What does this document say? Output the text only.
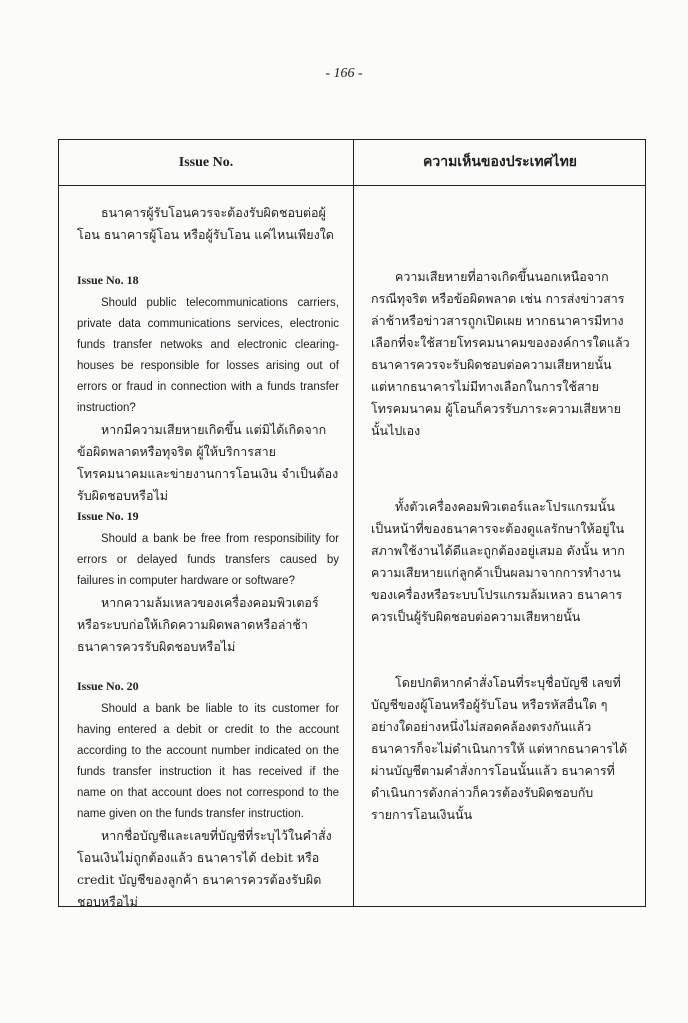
- 166 -
Issue No.	ความเห็นของประเทศไทย
ธนาคารผู้รับโอนควรจะต้องรับผิดชอบต่อผู้โอน ธนาคารผู้โอน หรือผู้รับโอน แค่ไหนเพียงใด
Issue No. 18

Should public telecommunications carriers, private data communications services, electronic funds transfer netwoks and electronic clearing-houses be responsible for losses arising out of errors or fraud in connection with a funds transfer instruction?

หากมีความเสียหายเกิดขึ้น แต่มิได้เกิดจากข้อผิดพลาดหรือทุจริต ผู้ให้บริการสายโทรคมนาคมและข่ายงานการโอนเงิน จำเป็นต้องรับผิดชอบหรือไม่

ความเสียหายที่อาจเกิดขึ้นนอกเหนือจากกรณีทุจริต หรือข้อผิดพลาด เช่น การส่งข่าวสารล่าช้าหรือข่าวสารถูกเปิดเผย หากธนาคารมีทางเลือกที่จะใช้สายโทรคมนาคมขององค์การใดแล้ว ธนาคารควรจะรับผิดชอบต่อความเสียหายนั้น แต่หากธนาคารไม่มีทางเลือกในการใช้สายโทรคมนาคม ผู้โอนก็ควรรับภาระความเสียหายนั้นไปเอง
Issue No. 19

Should a bank be free from responsibility for errors or delayed funds transfers caused by failures in computer hardware or software?

หากความล้มเหลวของเครื่องคอมพิวเตอร์หรือระบบก่อให้เกิดความผิดพลาดหรือล่าช้าธนาคารควรรับผิดชอบหรือไม่

ทั้งตัวเครื่องคอมพิวเตอร์และโปรแกรมนั้นเป็นหน้าที่ของธนาคารจะต้องดูแลรักษาให้อยู่ในสภาพใช้งานได้ดีและถูกต้องอยู่เสมอ ดังนั้น หากความเสียหายแก่ลูกค้าเป็นผลมาจากการทำงานของเครื่องหรือระบบโปรแกรมล้มเหลว ธนาคารควรเป็นผู้รับผิดชอบต่อความเสียหายนั้น
Issue No. 20

Should a bank be liable to its customer for having entered a debit or credit to the account according to the account number indicated on the funds transfer instruction it has received if the name on that account does not correspond to the name given on the funds transfer instruction.

หากชื่อบัญชีและเลขที่บัญชีที่ระบุไว้ในคำสั่งโอนเงินไม่ถูกต้องแล้ว ธนาคารได้ debit หรือ credit บัญชีของลูกค้า ธนาคารควรต้องรับผิดชอบหรือไม่

โดยปกติหากคำสั่งโอนที่ระบุชื่อบัญชี เลขที่บัญชีของผู้โอนหรือผู้รับโอน หรือรหัสอื่นใด ๆ อย่างใดอย่างหนึ่งไม่สอดคล้องตรงกันแล้ว ธนาคารก็จะไม่ดำเนินการให้ แต่หากธนาคารได้ผ่านบัญชีตามคำสั่งการโอนนั้นแล้ว ธนาคารที่ดำเนินการดังกล่าวก็ควรต้องรับผิดชอบกับรายการโอนเงินนั้น
